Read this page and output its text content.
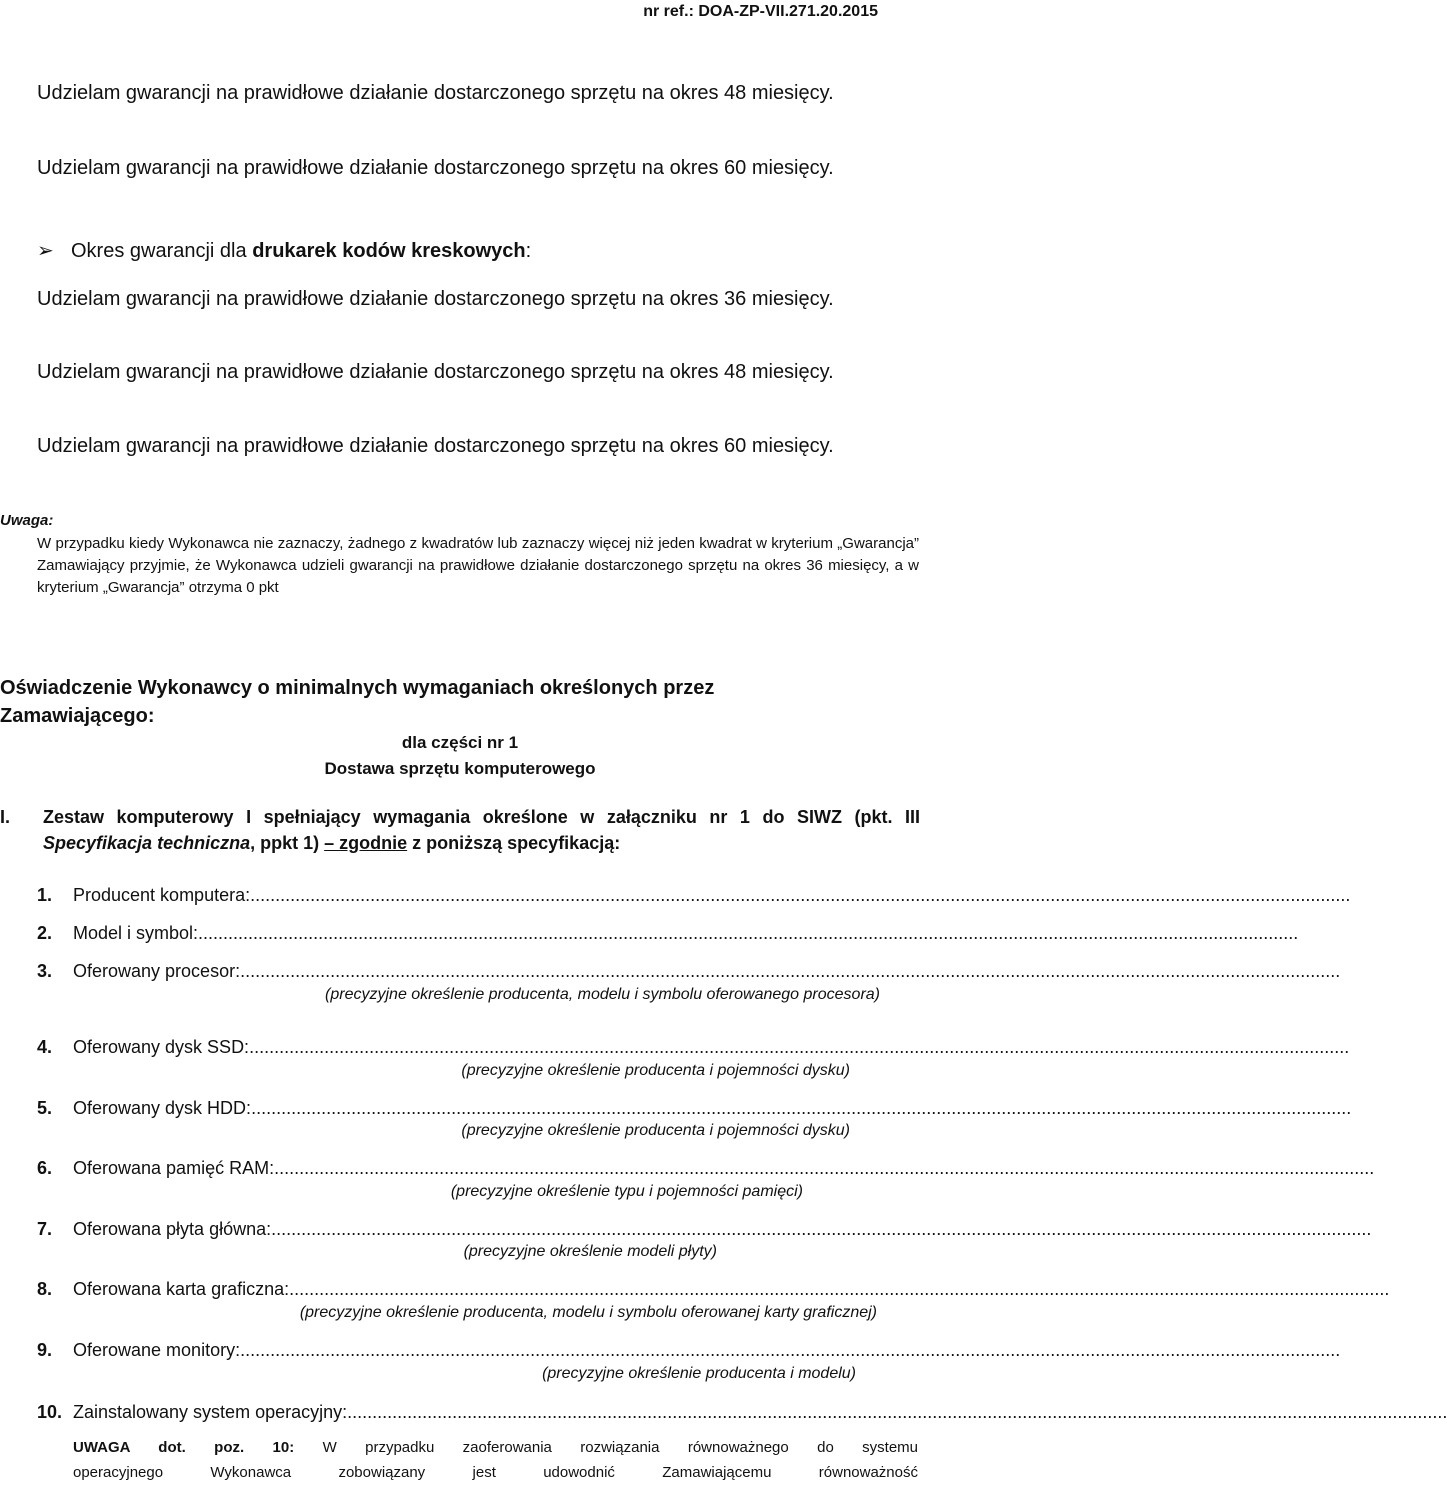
nr ref.: DOA-ZP-VII.271.20.2015
Udzielam gwarancji na prawidłowe działanie dostarczonego sprzętu na okres 48 miesięcy.
Udzielam gwarancji na prawidłowe działanie dostarczonego sprzętu na okres 60 miesięcy.
➢ Okres gwarancji dla drukarek kodów kreskowych:
Udzielam gwarancji na prawidłowe działanie dostarczonego sprzętu na okres 36 miesięcy.
Udzielam gwarancji na prawidłowe działanie dostarczonego sprzętu na okres 48 miesięcy.
Udzielam gwarancji na prawidłowe działanie dostarczonego sprzętu na okres 60 miesięcy.
Uwaga:
W przypadku kiedy Wykonawca nie zaznaczy, żadnego z kwadratów lub zaznaczy więcej niż jeden kwadrat w kryterium „Gwarancja” Zamawiający przyjmie, że Wykonawca udzieli gwarancji na prawidłowe działanie dostarczonego sprzętu na okres 36 miesięcy, a w kryterium „Gwarancja” otrzyma 0 pkt
Oświadczenie Wykonawcy o minimalnych wymaganiach określonych przez
Zamawiającego:
dla części nr 1
Dostawa sprzętu komputerowego
I. Zestaw komputerowy I spełniający wymagania określone w załączniku nr 1 do SIWZ (pkt. III Specyfikacja techniczna, ppkt 1) – zgodnie z poniższą specyfikacją:
1. Producent komputera:............................................................................................................................................................................................................................
2. Model i symbol:............................................................................................................................................................................................................................
3. Oferowany procesor:............................................................................................................................................................................................................................
(precyzyjne określenie producenta, modelu i symbolu oferowanego procesora)
4. Oferowany dysk SSD:............................................................................................................................................................................................................................
(precyzyjne określenie producenta i pojemności dysku)
5. Oferowany dysk HDD:............................................................................................................................................................................................................................
(precyzyjne określenie producenta i pojemności dysku)
6. Oferowana pamięć RAM:............................................................................................................................................................................................................................
(precyzyjne określenie typu i pojemności pamięci)
7. Oferowana płyta główna:............................................................................................................................................................................................................................
(precyzyjne określenie modeli płyty)
8. Oferowana karta graficzna:............................................................................................................................................................................................................................
(precyzyjne określenie producenta, modelu i symbolu oferowanej karty graficznej)
9. Oferowane monitory:............................................................................................................................................................................................................................
(precyzyjne określenie producenta i modelu)
10. Zainstalowany system operacyjny:............................................................................................................................................................................................................................
UWAGA dot. poz. 10: W przypadku zaoferowania rozwiązania równoważnego do systemu
operacyjnego Wykonawca zobowiązany jest udowodnić Zamawiającemu równoważność
